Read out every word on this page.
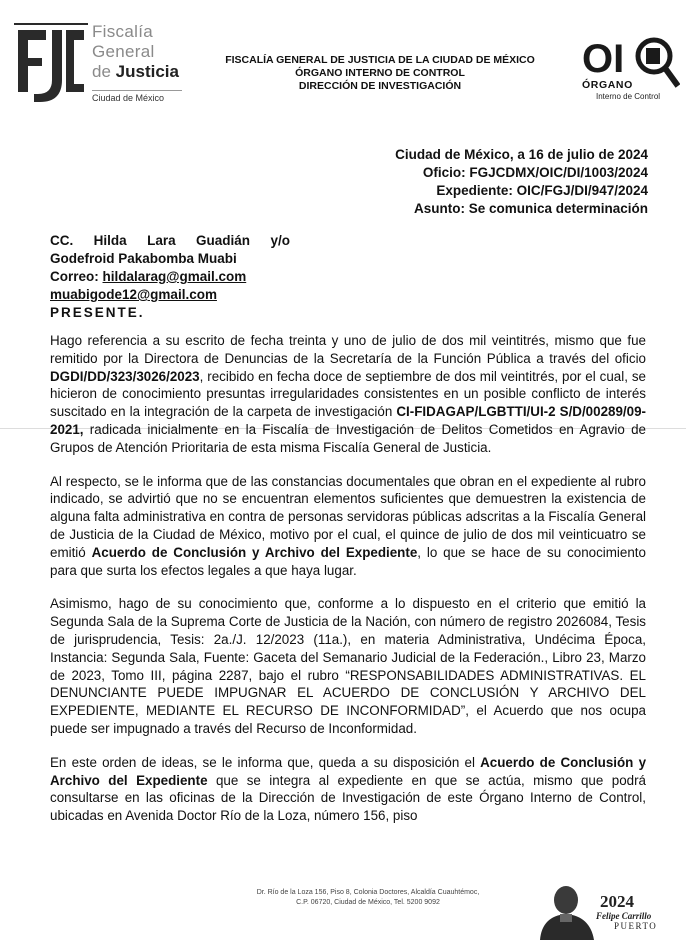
Fiscalía
General
de Justicia
Ciudad de México
FISCALÍA GENERAL DE JUSTICIA DE LA CIUDAD DE MÉXICO
ÓRGANO INTERNO DE CONTROL
DIRECCIÓN DE INVESTIGACIÓN
OI
ÓRGANO
Interno de Control
Ciudad de México, a 16 de julio de 2024
Oficio: FGJCDMX/OIC/DI/1003/2024
Expediente: OIC/FGJ/DI/947/2024
Asunto: Se comunica determinación
CC. Hilda Lara Guadián y/o
Godefroid Pakabomba Muabi
Correo: hildalarag@gmail.com
muabigode12@gmail.com
PRESENTE.

Hago referencia a su escrito de fecha treinta y uno de julio de dos mil veintitrés, mismo que fue remitido por la Directora de Denuncias de la Secretaría de la Función Pública a través del oficio DGDI/DD/323/3026/2023, recibido en fecha doce de septiembre de dos mil veintitrés, por el cual, se hicieron de conocimiento presuntas irregularidades consistentes en un posible conflicto de interés suscitado en la integración de la carpeta de investigación CI-FIDAGAP/LGBTTI/UI-2 S/D/00289/09-2021, radicada inicialmente en la Fiscalía de Investigación de Delitos Cometidos en Agravio de Grupos de Atención Prioritaria de esta misma Fiscalía General de Justicia.

Al respecto, se le informa que de las constancias documentales que obran en el expediente al rubro indicado, se advirtió que no se encuentran elementos suficientes que demuestren la existencia de alguna falta administrativa en contra de personas servidoras públicas adscritas a la Fiscalía General de Justicia de la Ciudad de México, motivo por el cual, el quince de julio de dos mil veinticuatro se emitió Acuerdo de Conclusión y Archivo del Expediente, lo que se hace de su conocimiento para que surta los efectos legales a que haya lugar.

Asimismo, hago de su conocimiento que, conforme a lo dispuesto en el criterio que emitió la Segunda Sala de la Suprema Corte de Justicia de la Nación, con número de registro 2026084, Tesis de jurisprudencia, Tesis: 2a./J. 12/2023 (11a.), en materia Administrativa, Undécima Época, Instancia: Segunda Sala, Fuente: Gaceta del Semanario Judicial de la Federación., Libro 23, Marzo de 2023, Tomo III, página 2287, bajo el rubro “RESPONSABILIDADES ADMINISTRATIVAS. EL DENUNCIANTE PUEDE IMPUGNAR EL ACUERDO DE CONCLUSIÓN Y ARCHIVO DEL EXPEDIENTE, MEDIANTE EL RECURSO DE INCONFORMIDAD”, el Acuerdo que nos ocupa puede ser impugnado a través del Recurso de Inconformidad.

En este orden de ideas, se le informa que, queda a su disposición el Acuerdo de Conclusión y Archivo del Expediente que se integra al expediente en que se actúa, mismo que podrá consultarse en las oficinas de la Dirección de Investigación de este Órgano Interno de Control, ubicadas en Avenida Doctor Río de la Loza, número 156, piso

Dr. Río de la Loza 156, Piso 8, Colonia Doctores, Alcaldía Cuauhtémoc,
C.P. 06720, Ciudad de México, Tel. 5200 9092	2024
Felipe Carrillo
PUERTO
